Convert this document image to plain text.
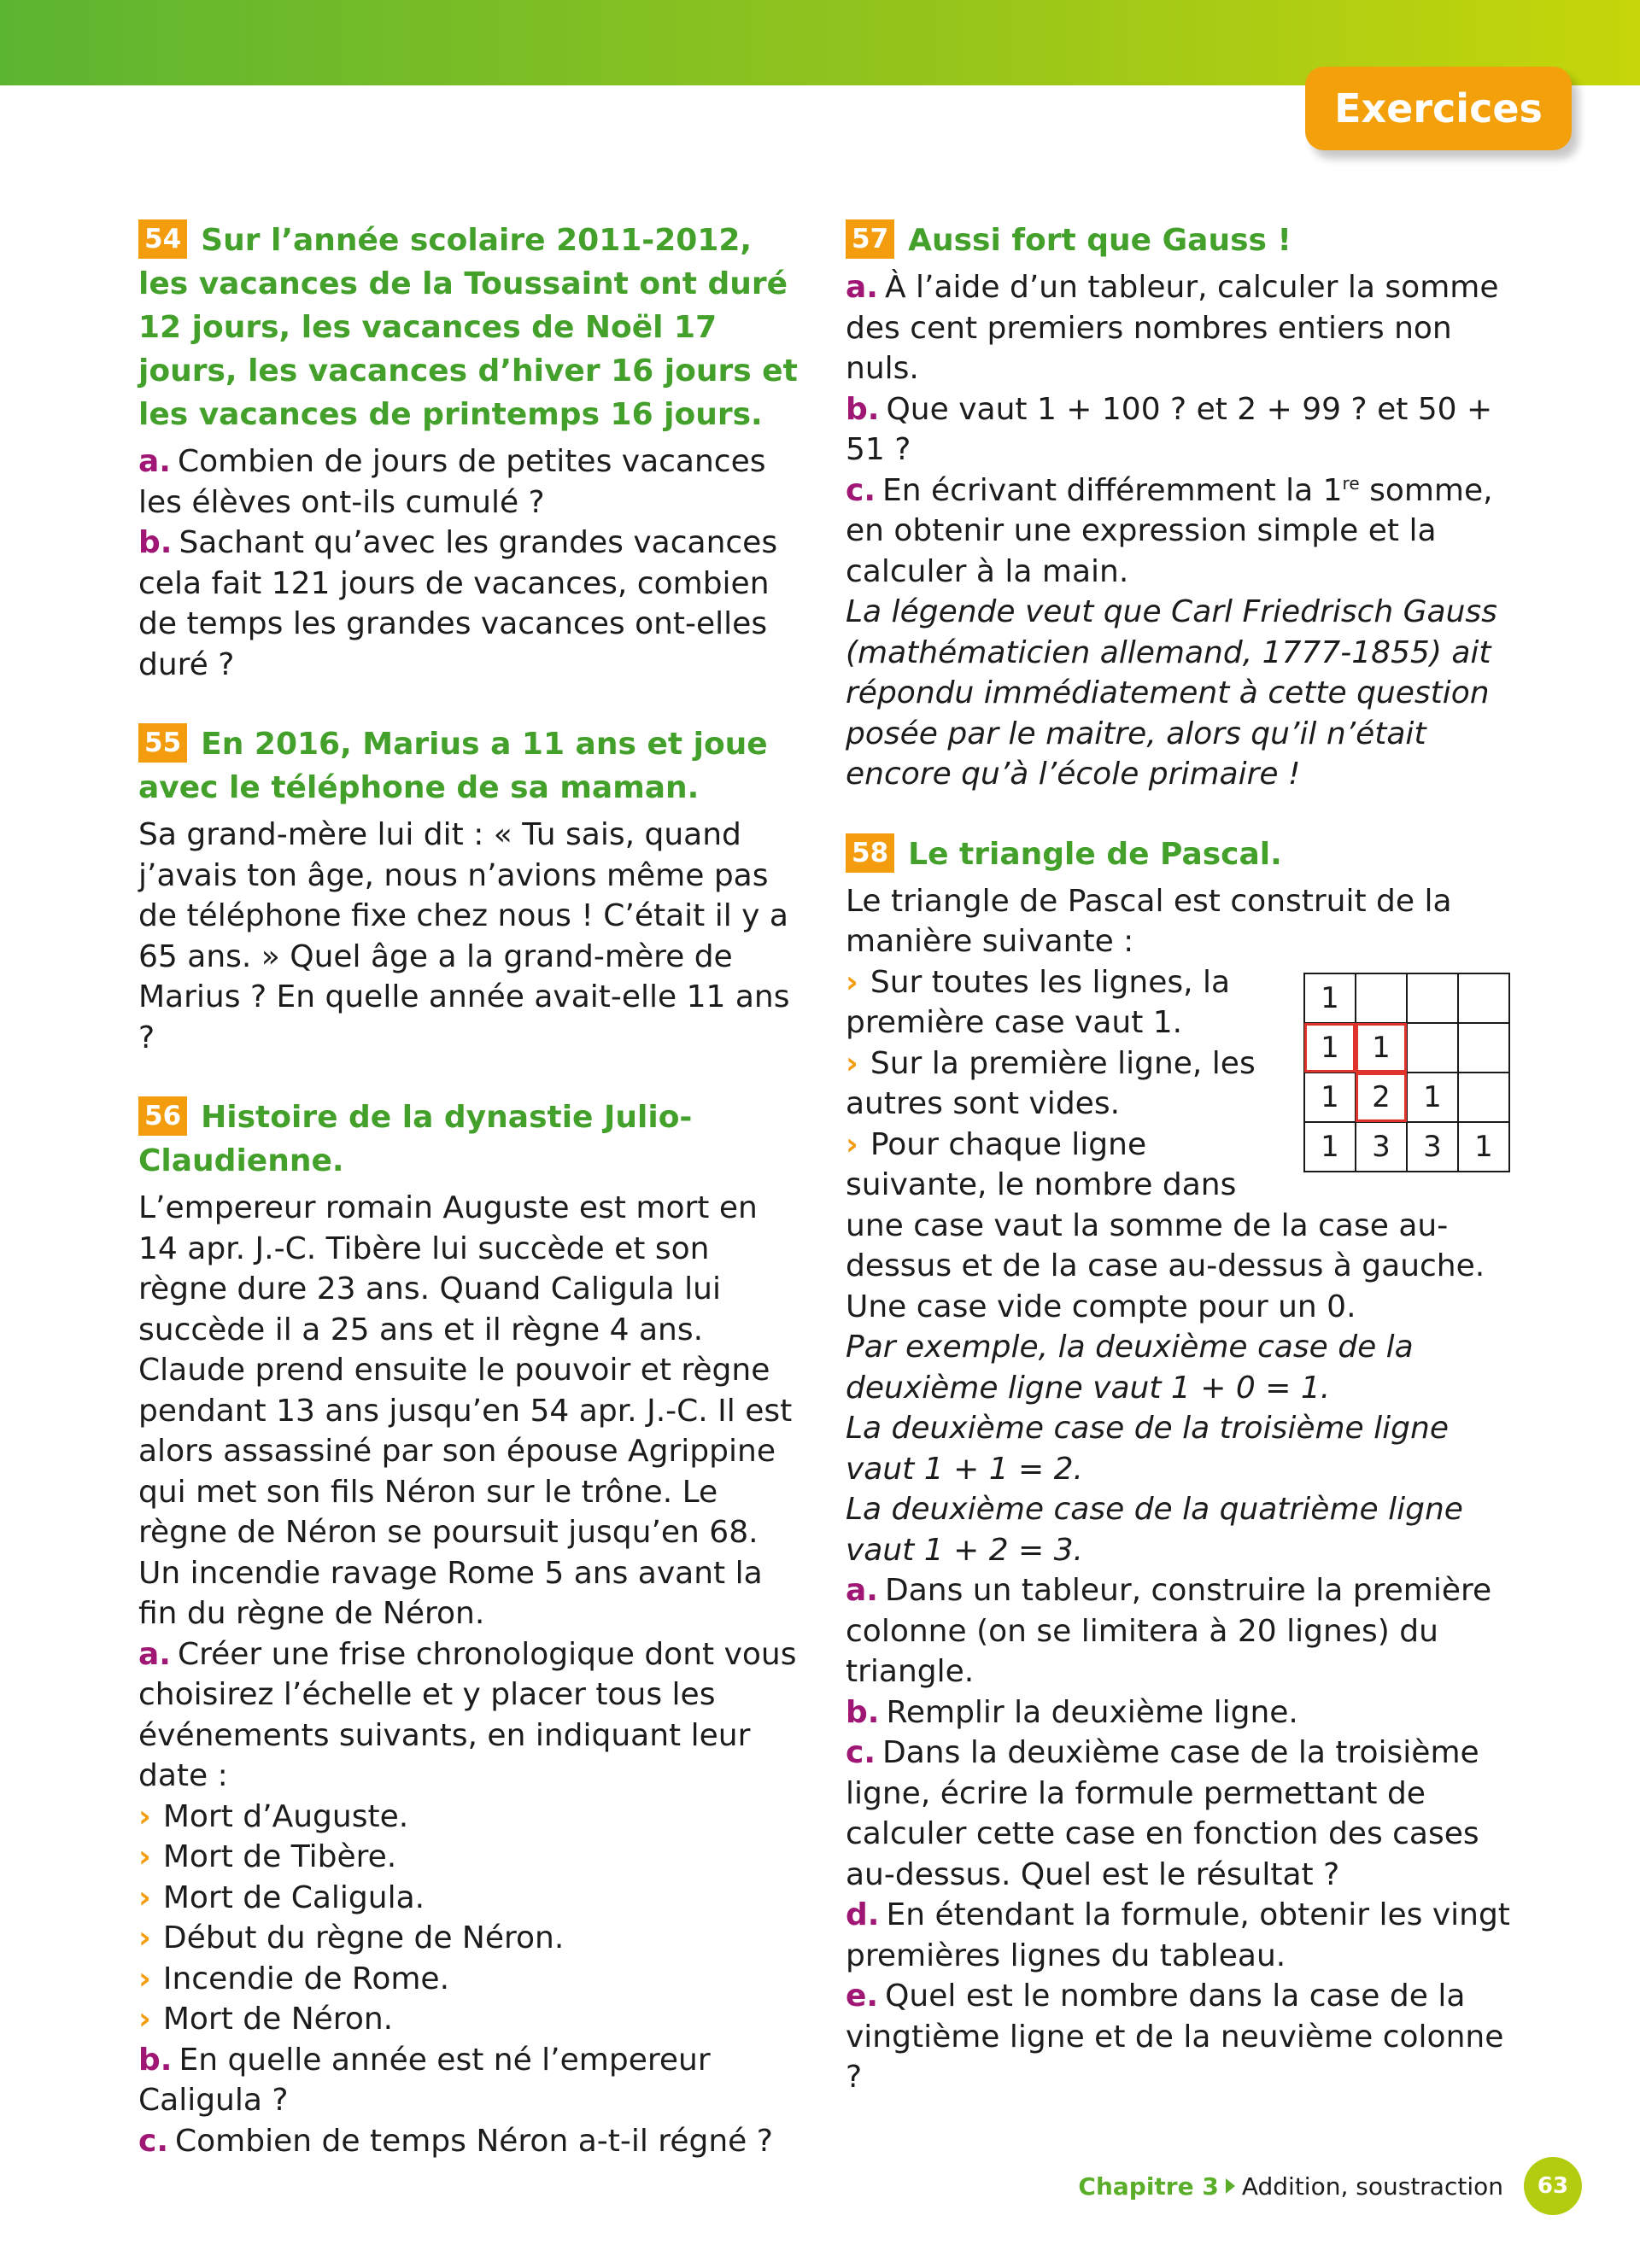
Exercices
54 Sur l’année scolaire 2011-2012, les vacances de la Toussaint ont duré 12 jours, les vacances de Noël 17 jours, les vacances d’hiver 16 jours et les vacances de printemps 16 jours.

a. Combien de jours de petites vacances les élèves ont-ils cumulé ?

b. Sachant qu’avec les grandes vacances cela fait 121 jours de vacances, combien de temps les grandes vacances ont-elles duré ?

55 En 2016, Marius a 11 ans et joue avec le téléphone de sa maman.

Sa grand-mère lui dit : « Tu sais, quand j’avais ton âge, nous n’avions même pas de téléphone fixe chez nous ! C’était il y a 65 ans. » Quel âge a la grand-mère de Marius ? En quelle année avait-elle 11 ans ?

56 Histoire de la dynastie Julio-Claudienne.

L’empereur romain Auguste est mort en 14 apr. J.-C. Tibère lui succède et son règne dure 23 ans. Quand Caligula lui succède il a 25 ans et il règne 4 ans. Claude prend ensuite le pouvoir et règne pendant 13 ans jusqu’en 54 apr. J.-C. Il est alors assassiné par son épouse Agrippine qui met son fils Néron sur le trône. Le règne de Néron se poursuit jusqu’en 68. Un incendie ravage Rome 5 ans avant la fin du règne de Néron.

a. Créer une frise chronologique dont vous choisirez l’échelle et y placer tous les événements suivants, en indiquant leur date :

› Mort d’Auguste.
› Mort de Tibère.
› Mort de Caligula.
› Début du règne de Néron.
› Incendie de Rome.
› Mort de Néron.

b. En quelle année est né l’empereur Caligula ?

c. Combien de temps Néron a-t-il régné ?

57 Aussi fort que Gauss !

a. À l’aide d’un tableur, calculer la somme des cent premiers nombres entiers non nuls.

b. Que vaut 1 + 100 ? et 2 + 99 ? et 50 + 51 ?

c. En écrivant différemment la 1re somme, en obtenir une expression simple et la calculer à la main.

La légende veut que Carl Friedrisch Gauss (mathématicien allemand, 1777-1855) ait répondu immédiatement à cette question posée par le maitre, alors qu’il n’était encore qu’à l’école primaire !

58 Le triangle de Pascal.

Le triangle de Pascal est construit de la manière suivante :

1			
1	1		
1	2	1	
1	3	3	1
› Sur toutes les lignes, la première case vaut 1.
› Sur la première ligne, les autres sont vides.
› Pour chaque ligne suivante, le nombre dans une case vaut la somme de la case au-dessus et de la case au-dessus à gauche. Une case vide compte pour un 0.

Par exemple, la deuxième case de la deuxième ligne vaut 1 + 0 = 1.

La deuxième case de la troisième ligne vaut 1 + 1 = 2.

La deuxième case de la quatrième ligne vaut 1 + 2 = 3.

a. Dans un tableur, construire la première colonne (on se limitera à 20 lignes) du triangle.

b. Remplir la deuxième ligne.

c. Dans la deuxième case de la troisième ligne, écrire la formule permettant de calculer cette case en fonction des cases au-dessus. Quel est le résultat ?

d. En étendant la formule, obtenir les vingt premières lignes du tableau.

e. Quel est le nombre dans la case de la vingtième ligne et de la neuvième colonne ?

Chapitre 3 Addition, soustraction	63
